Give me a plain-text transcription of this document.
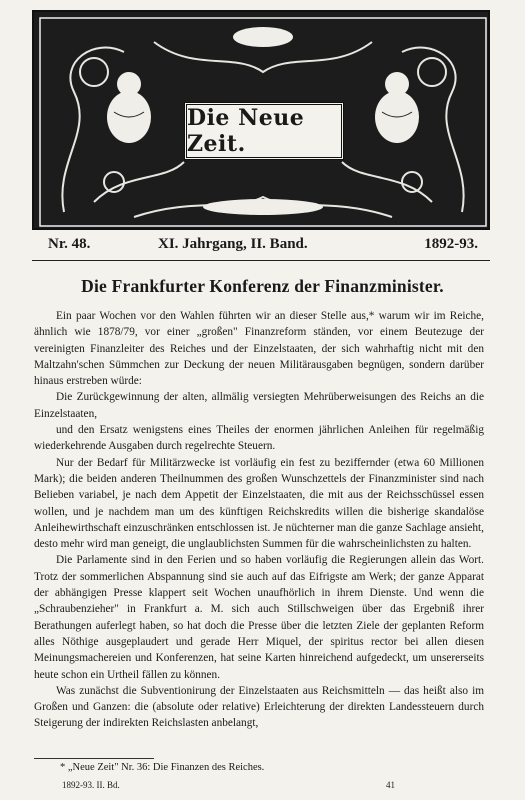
Die Neue Zeit.
Nr. 48.	XI. Jahrgang, II. Band.	1892-93.
Die Frankfurter Konferenz der Finanzminister.

Ein paar Wochen vor den Wahlen führten wir an dieser Stelle aus,* warum wir im Reiche, ähnlich wie 1878/79, vor einer „großen" Finanzreform ständen, vor einem Beutezuge der vereinigten Finanzleiter des Reiches und der Einzelstaaten, der sich wahrhaftig nicht mit den Maltzahn'schen Sümmchen zur Deckung der neuen Militärausgaben begnügen, sondern darüber hinaus erstreben würde:

Die Zurückgewinnung der alten, allmälig versiegten Mehrüberweisungen des Reichs an die Einzelstaaten,

und den Ersatz wenigstens eines Theiles der enormen jährlichen Anleihen für regelmäßig wiederkehrende Ausgaben durch regelrechte Steuern.

Nur der Bedarf für Militärzwecke ist vorläufig ein fest zu beziffernder (etwa 60 Millionen Mark); die beiden anderen Theilnummen des großen Wunschzettels der Finanzminister sind nach Belieben variabel, je nach dem Appetit der Einzelstaaten, die mit aus der Reichsschüssel essen wollen, und je nachdem man um des künftigen Reichskredits willen die bisherige skandalöse Anleihewirthschaft einzuschränken entschlossen ist. Je nüchterner man die ganze Sachlage ansieht, desto mehr wird man geneigt, die unglaublichsten Summen für die wahrscheinlichsten zu halten.

Die Parlamente sind in den Ferien und so haben vorläufig die Regierungen allein das Wort. Trotz der sommerlichen Abspannung sind sie auch auf das Eifrigste am Werk; der ganze Apparat der abhängigen Presse klappert seit Wochen unaufhörlich in ihrem Dienste. Und wenn die „Schraubenzieher" in Frankfurt a. M. sich auch Stillschweigen über das Ergebniß ihrer Berathungen auferlegt haben, so hat doch die Presse über die letzten Ziele der geplanten Reform alles Nöthige ausgeplaudert und gerade Herr Miquel, der spiritus rector bei allen diesen Meinungsmachereien und Konferenzen, hat seine Karten hinreichend aufgedeckt, um unsererseits heute schon ein Urtheil fällen zu können.

Was zunächst die Subventionirung der Einzelstaaten aus Reichsmitteln — das heißt also im Großen und Ganzen: die (absolute oder relative) Erleichterung der direkten Landessteuern durch Steigerung der indirekten Reichslasten anbelangt,

* „Neue Zeit" Nr. 36: Die Finanzen des Reiches.
1892-93. II. Bd.	41
